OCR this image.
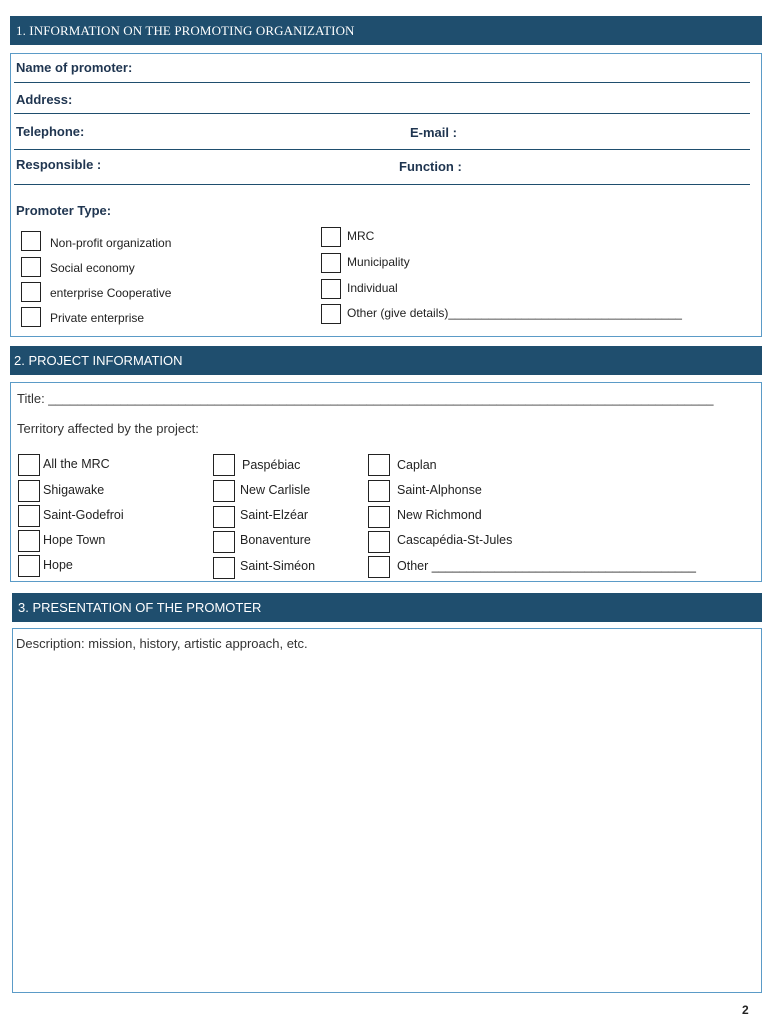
1. INFORMATION ON THE PROMOTING ORGANIZATION
Name of promoter:
Address:
Telephone:	E-mail :
Responsible :	Function :
Promoter Type:
Non-profit organization
Social economy
enterprise Cooperative
Private enterprise
MRC
Municipality
Individual
Other (give details)___________________________________
2. PROJECT INFORMATION
Title: ____________________________________________________________________________________________
Territory affected by the project:
All the MRC
Shigawake
Saint-Godefroi
Hope Town
Hope
Paspébiac
New Carlisle
Saint-Elzéar
Bonaventure
Saint-Siméon
Caplan
Saint-Alphonse
New Richmond
Cascapédia-St-Jules
Other ______________________________________
3. PRESENTATION OF THE PROMOTER
Description: mission, history, artistic approach, etc.
2
